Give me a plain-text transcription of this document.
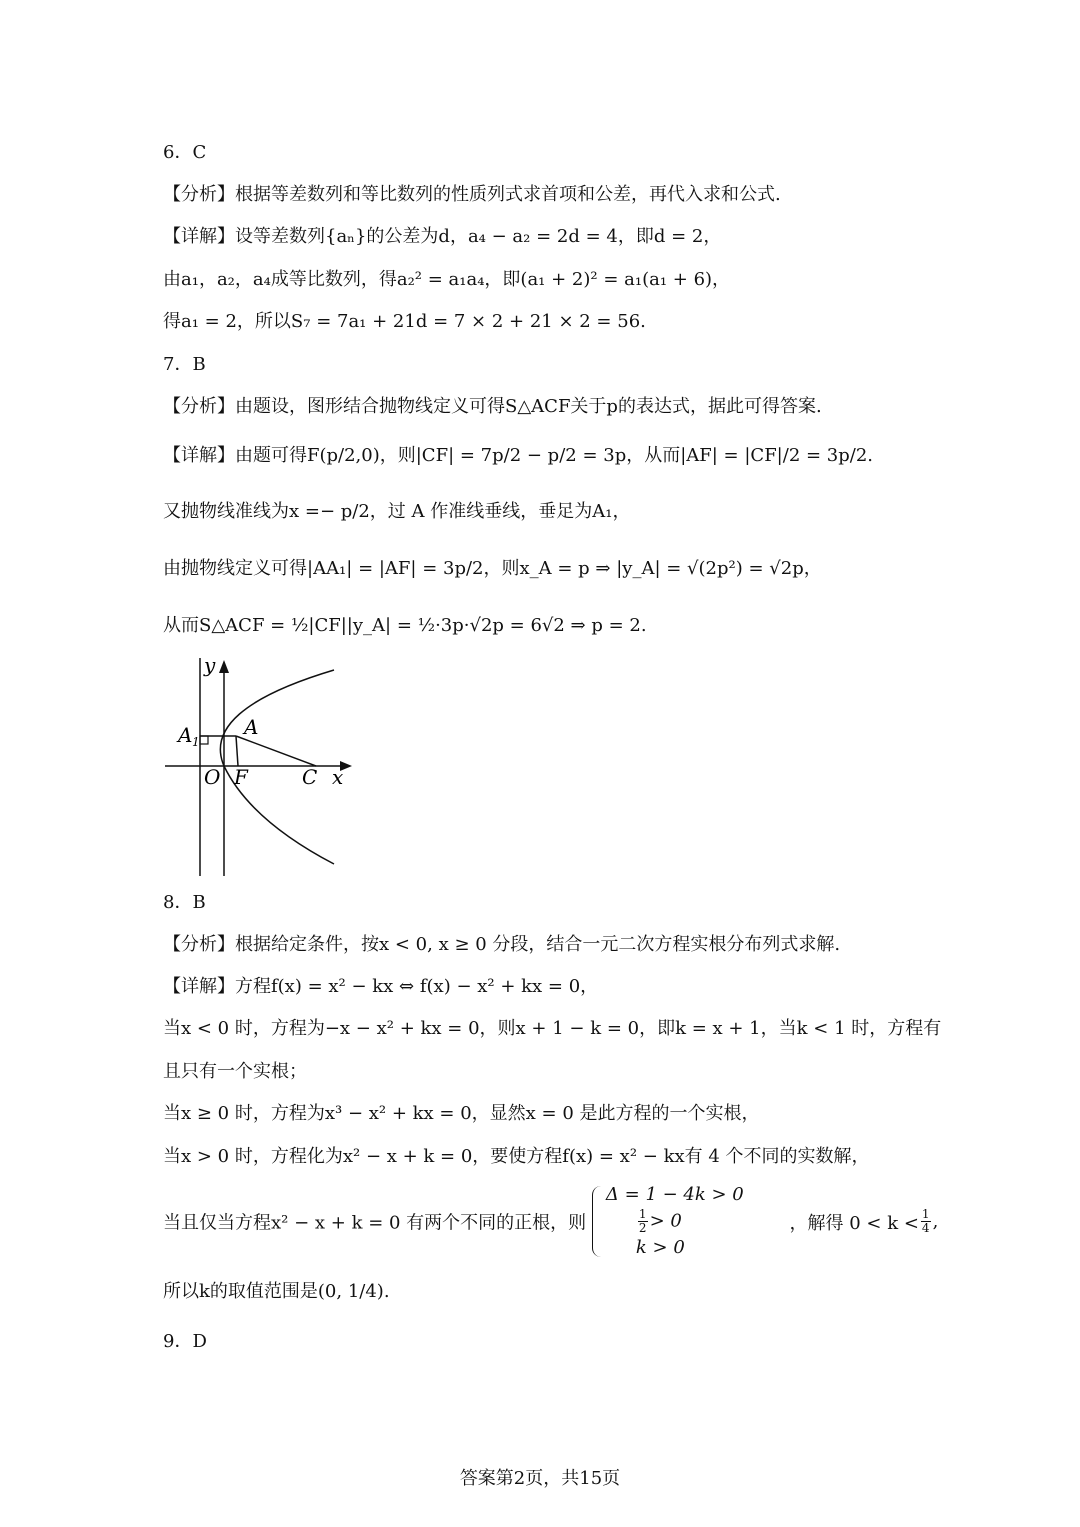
6．C
【分析】根据等差数列和等比数列的性质列式求首项和公差，再代入求和公式.
【详解】设等差数列{aₙ}的公差为d，a₄ − a₂ = 2d = 4，即d = 2，
由a₁，a₂，a₄成等比数列，得a₂² = a₁a₄，即(a₁ + 2)² = a₁(a₁ + 6)，
得a₁ = 2，所以S₇ = 7a₁ + 21d = 7 × 2 + 21 × 2 = 56.
7．B
【分析】由题设，图形结合抛物线定义可得S△ACF关于p的表达式，据此可得答案.
【详解】由题可得F(p/2,0)，则|CF| = 7p/2 − p/2 = 3p，从而|AF| = |CF|/2 = 3p/2.
又抛物线准线为x =− p/2，过 A 作准线垂线，垂足为A₁，
由抛物线定义可得|AA₁| = |AF| = 3p/2，则x_A = p ⇒ |y_A| = √(2p²) = √2p，
从而S△ACF = ½|CF||y_A| = ½·3p·√2p = 6√2 ⇒ p = 2.
y
x
A
A 1
O F	C
8．B
【分析】根据给定条件，按x < 0, x ≥ 0 分段，结合一元二次方程实根分布列式求解.
【详解】方程f(x) = x² − kx ⇔ f(x) − x² + kx = 0，
当x < 0 时，方程为−x − x² + kx = 0，则x + 1 − k = 0，即k = x + 1，当k < 1 时，方程有
且只有一个实根；
当x ≥ 0 时，方程为x³ − x² + kx = 0，显然x = 0 是此方程的一个实根，
当x > 0 时，方程化为x² − x + k = 0，要使方程f(x) = x² − kx有 4 个不同的实数解，
当且仅当方程x² − x + k = 0 有两个不同的正根，则
Δ = 1 − 4k > 0
$\frac{1}{2} > 0$
k > 0
，解得 $0 < k < \frac{1}{4}$ ,
所以k的取值范围是(0, 1/4).
9．D
答案第2页，共15页
